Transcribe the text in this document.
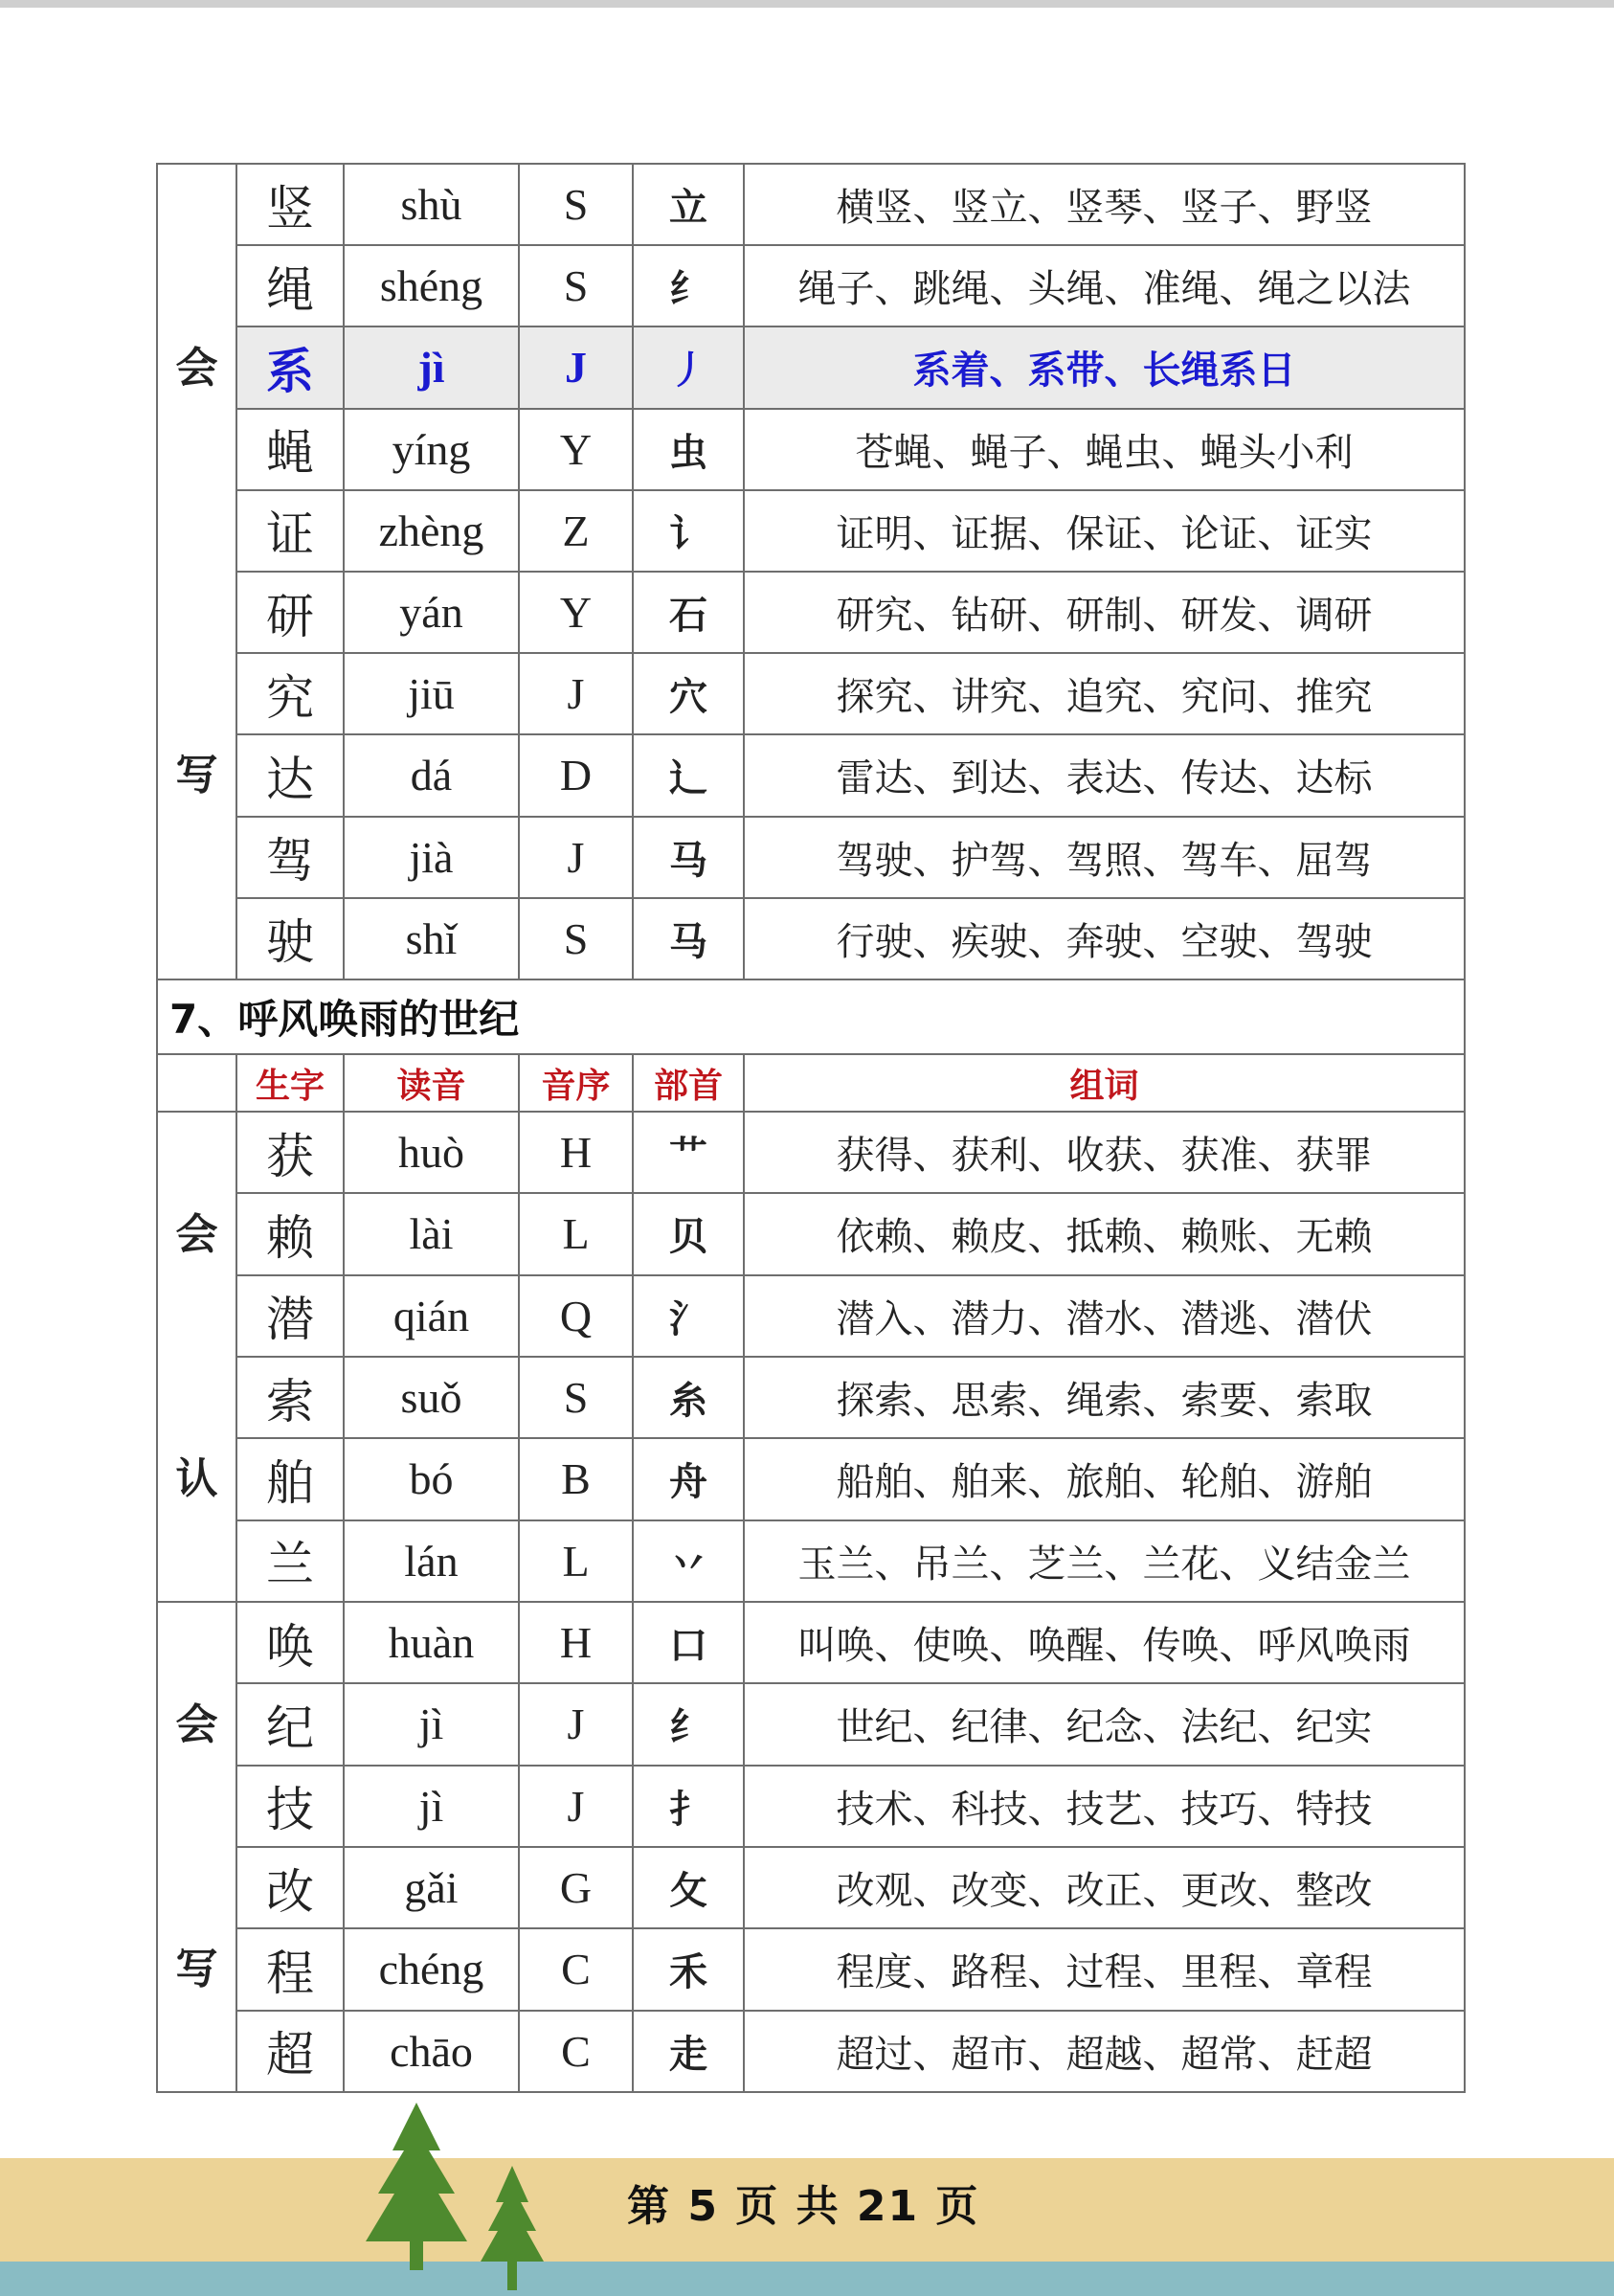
会
写	竖	shù	S	立	横竖、竖立、竖琴、竖子、野竖
	绳	shéng	S	纟	绳子、跳绳、头绳、准绳、绳之以法
	系	jì	J	丿	系着、系带、长绳系日
	蝇	yíng	Y	虫	苍蝇、蝇子、蝇虫、蝇头小利
	证	zhèng	Z	讠	证明、证据、保证、论证、证实
	研	yán	Y	石	研究、钻研、研制、研发、调研
	究	jiū	J	穴	探究、讲究、追究、究问、推究
	达	dá	D	辶	雷达、到达、表达、传达、达标
	驾	jià	J	马	驾驶、护驾、驾照、驾车、屈驾
	驶	shǐ	S	马	行驶、疾驶、奔驶、空驶、驾驶
7、呼风唤雨的世纪					
	生字	读音	音序	部首	组词

会
认	获	huò	H	艹	获得、获利、收获、获准、获罪
	赖	lài	L	贝	依赖、赖皮、抵赖、赖账、无赖
	潜	qián	Q	氵	潜入、潜力、潜水、潜逃、潜伏
	索	suǒ	S	糸	探索、思索、绳索、索要、索取
	舶	bó	B	舟	船舶、舶来、旅舶、轮舶、游舶
	兰	lán	L	丷	玉兰、吊兰、芝兰、兰花、义结金兰

会
写	唤	huàn	H	口	叫唤、使唤、唤醒、传唤、呼风唤雨
	纪	jì	J	纟	世纪、纪律、纪念、法纪、纪实
	技	jì	J	扌	技术、科技、技艺、技巧、特技
	改	gǎi	G	攵	改观、改变、改正、更改、整改
	程	chéng	C	禾	程度、路程、过程、里程、章程
	超	chāo	C	走	超过、超市、超越、超常、赶超
第 5 页 共 21 页
